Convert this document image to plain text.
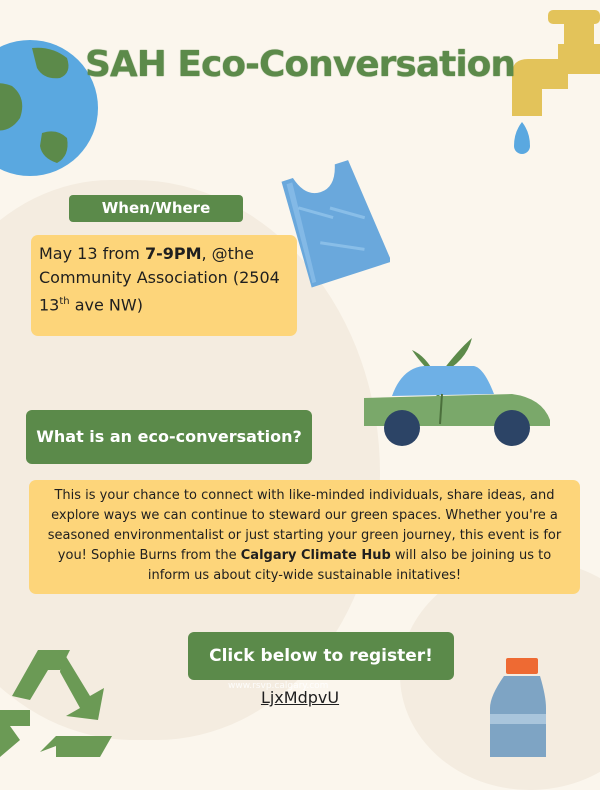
SAH Eco-Conversation
When/Where
May 13 from 7-9PM, @the Community Association (2504 13th ave NW)
What is an eco-conversation?
This is your chance to connect with like-minded individuals, share ideas, and explore ways we can continue to steward our green spaces. Whether you're a seasoned environmentalist or just starting your green journey, this event is for you! Sophie Burns from the Calgary Climate Hub will also be joining us to inform us about city-wide sustainable initatives!
Click below to register!
www.rsvp.calgary.com
LjxMdpvU
